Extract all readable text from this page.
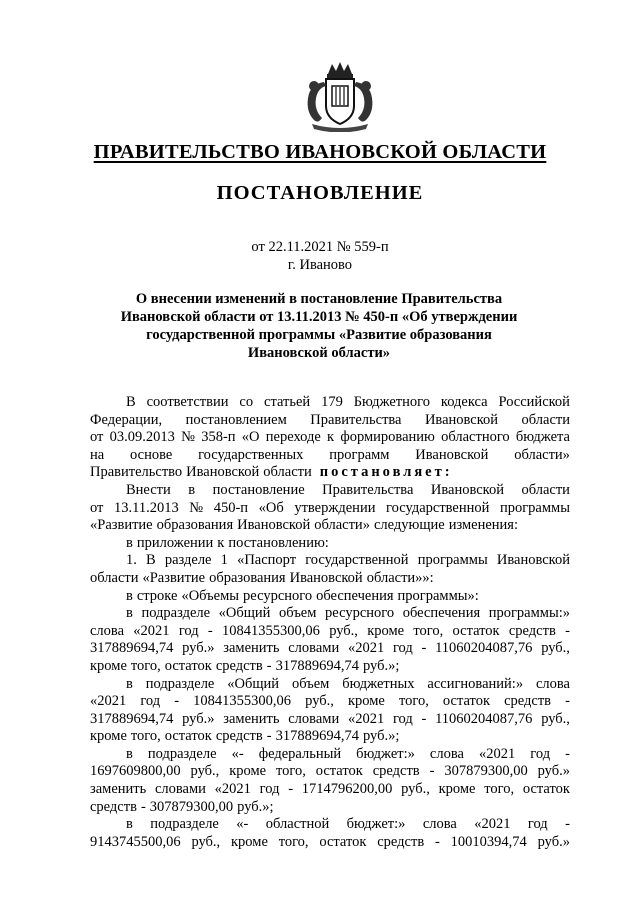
ПРАВИТЕЛЬСТВО ИВАНОВСКОЙ ОБЛАСТИ
ПОСТАНОВЛЕНИЕ
от 22.11.2021 № 559-п
г. Иваново
О внесении изменений в постановление Правительства
Ивановской области от 13.11.2013 № 450-п «Об утверждении
государственной программы «Развитие образования
Ивановской области»
В соответствии со статьей 179 Бюджетного кодекса Российской
Федерации, постановлением Правительства Ивановской области
от 03.09.2013 № 358-п «О переходе к формированию областного бюджета
на основе государственных программ Ивановской области»
Правительство Ивановской области постановляет:
Внести в постановление Правительства Ивановской области
от 13.11.2013 № 450-п «Об утверждении государственной программы
«Развитие образования Ивановской области» следующие изменения:
в приложении к постановлению:
1. В разделе 1 «Паспорт государственной программы Ивановской
области «Развитие образования Ивановской области»»:
в строке «Объемы ресурсного обеспечения программы»:
в подразделе «Общий объем ресурсного обеспечения программы:»
слова «2021 год - 10841355300,06 руб., кроме того, остаток средств -
317889694,74 руб.» заменить словами «2021 год - 11060204087,76 руб.,
кроме того, остаток средств - 317889694,74 руб.»;
в подразделе «Общий объем бюджетных ассигнований:» слова
«2021 год - 10841355300,06 руб., кроме того, остаток средств -
317889694,74 руб.» заменить словами «2021 год - 11060204087,76 руб.,
кроме того, остаток средств - 317889694,74 руб.»;
в подразделе «- федеральный бюджет:» слова «2021 год -
1697609800,00 руб., кроме того, остаток средств - 307879300,00 руб.»
заменить словами «2021 год - 1714796200,00 руб., кроме того, остаток
средств - 307879300,00 руб.»;
в подразделе «- областной бюджет:» слова «2021 год -
9143745500,06 руб., кроме того, остаток средств - 10010394,74 руб.»
